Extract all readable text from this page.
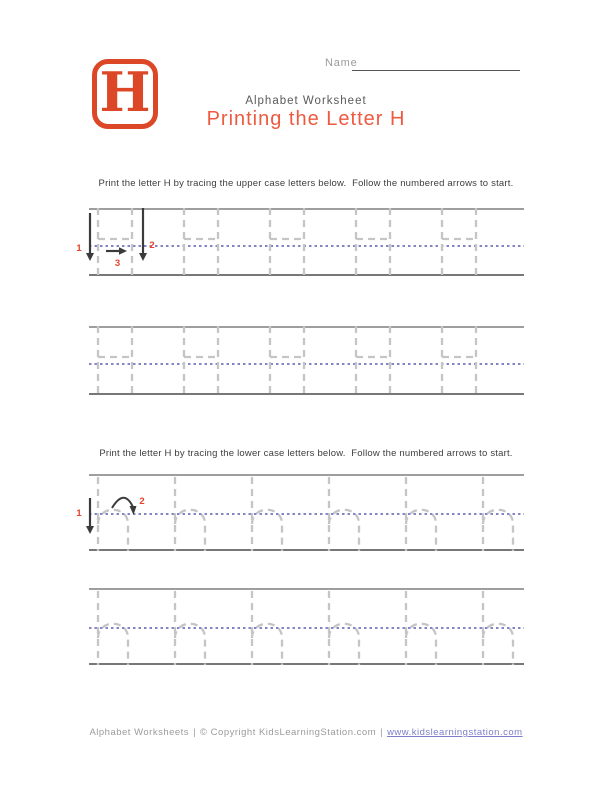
H	Name
Alphabet Worksheet
Printing the Letter H
Print the letter H by tracing the upper case letters below.  Follow the numbered arrows to start.
1	2
3
Print the letter H by tracing the lower case letters below.  Follow the numbered arrows to start.
1
2
Alphabet Worksheets | © Copyright KidsLearningStation.com | www.kidslearningstation.com
